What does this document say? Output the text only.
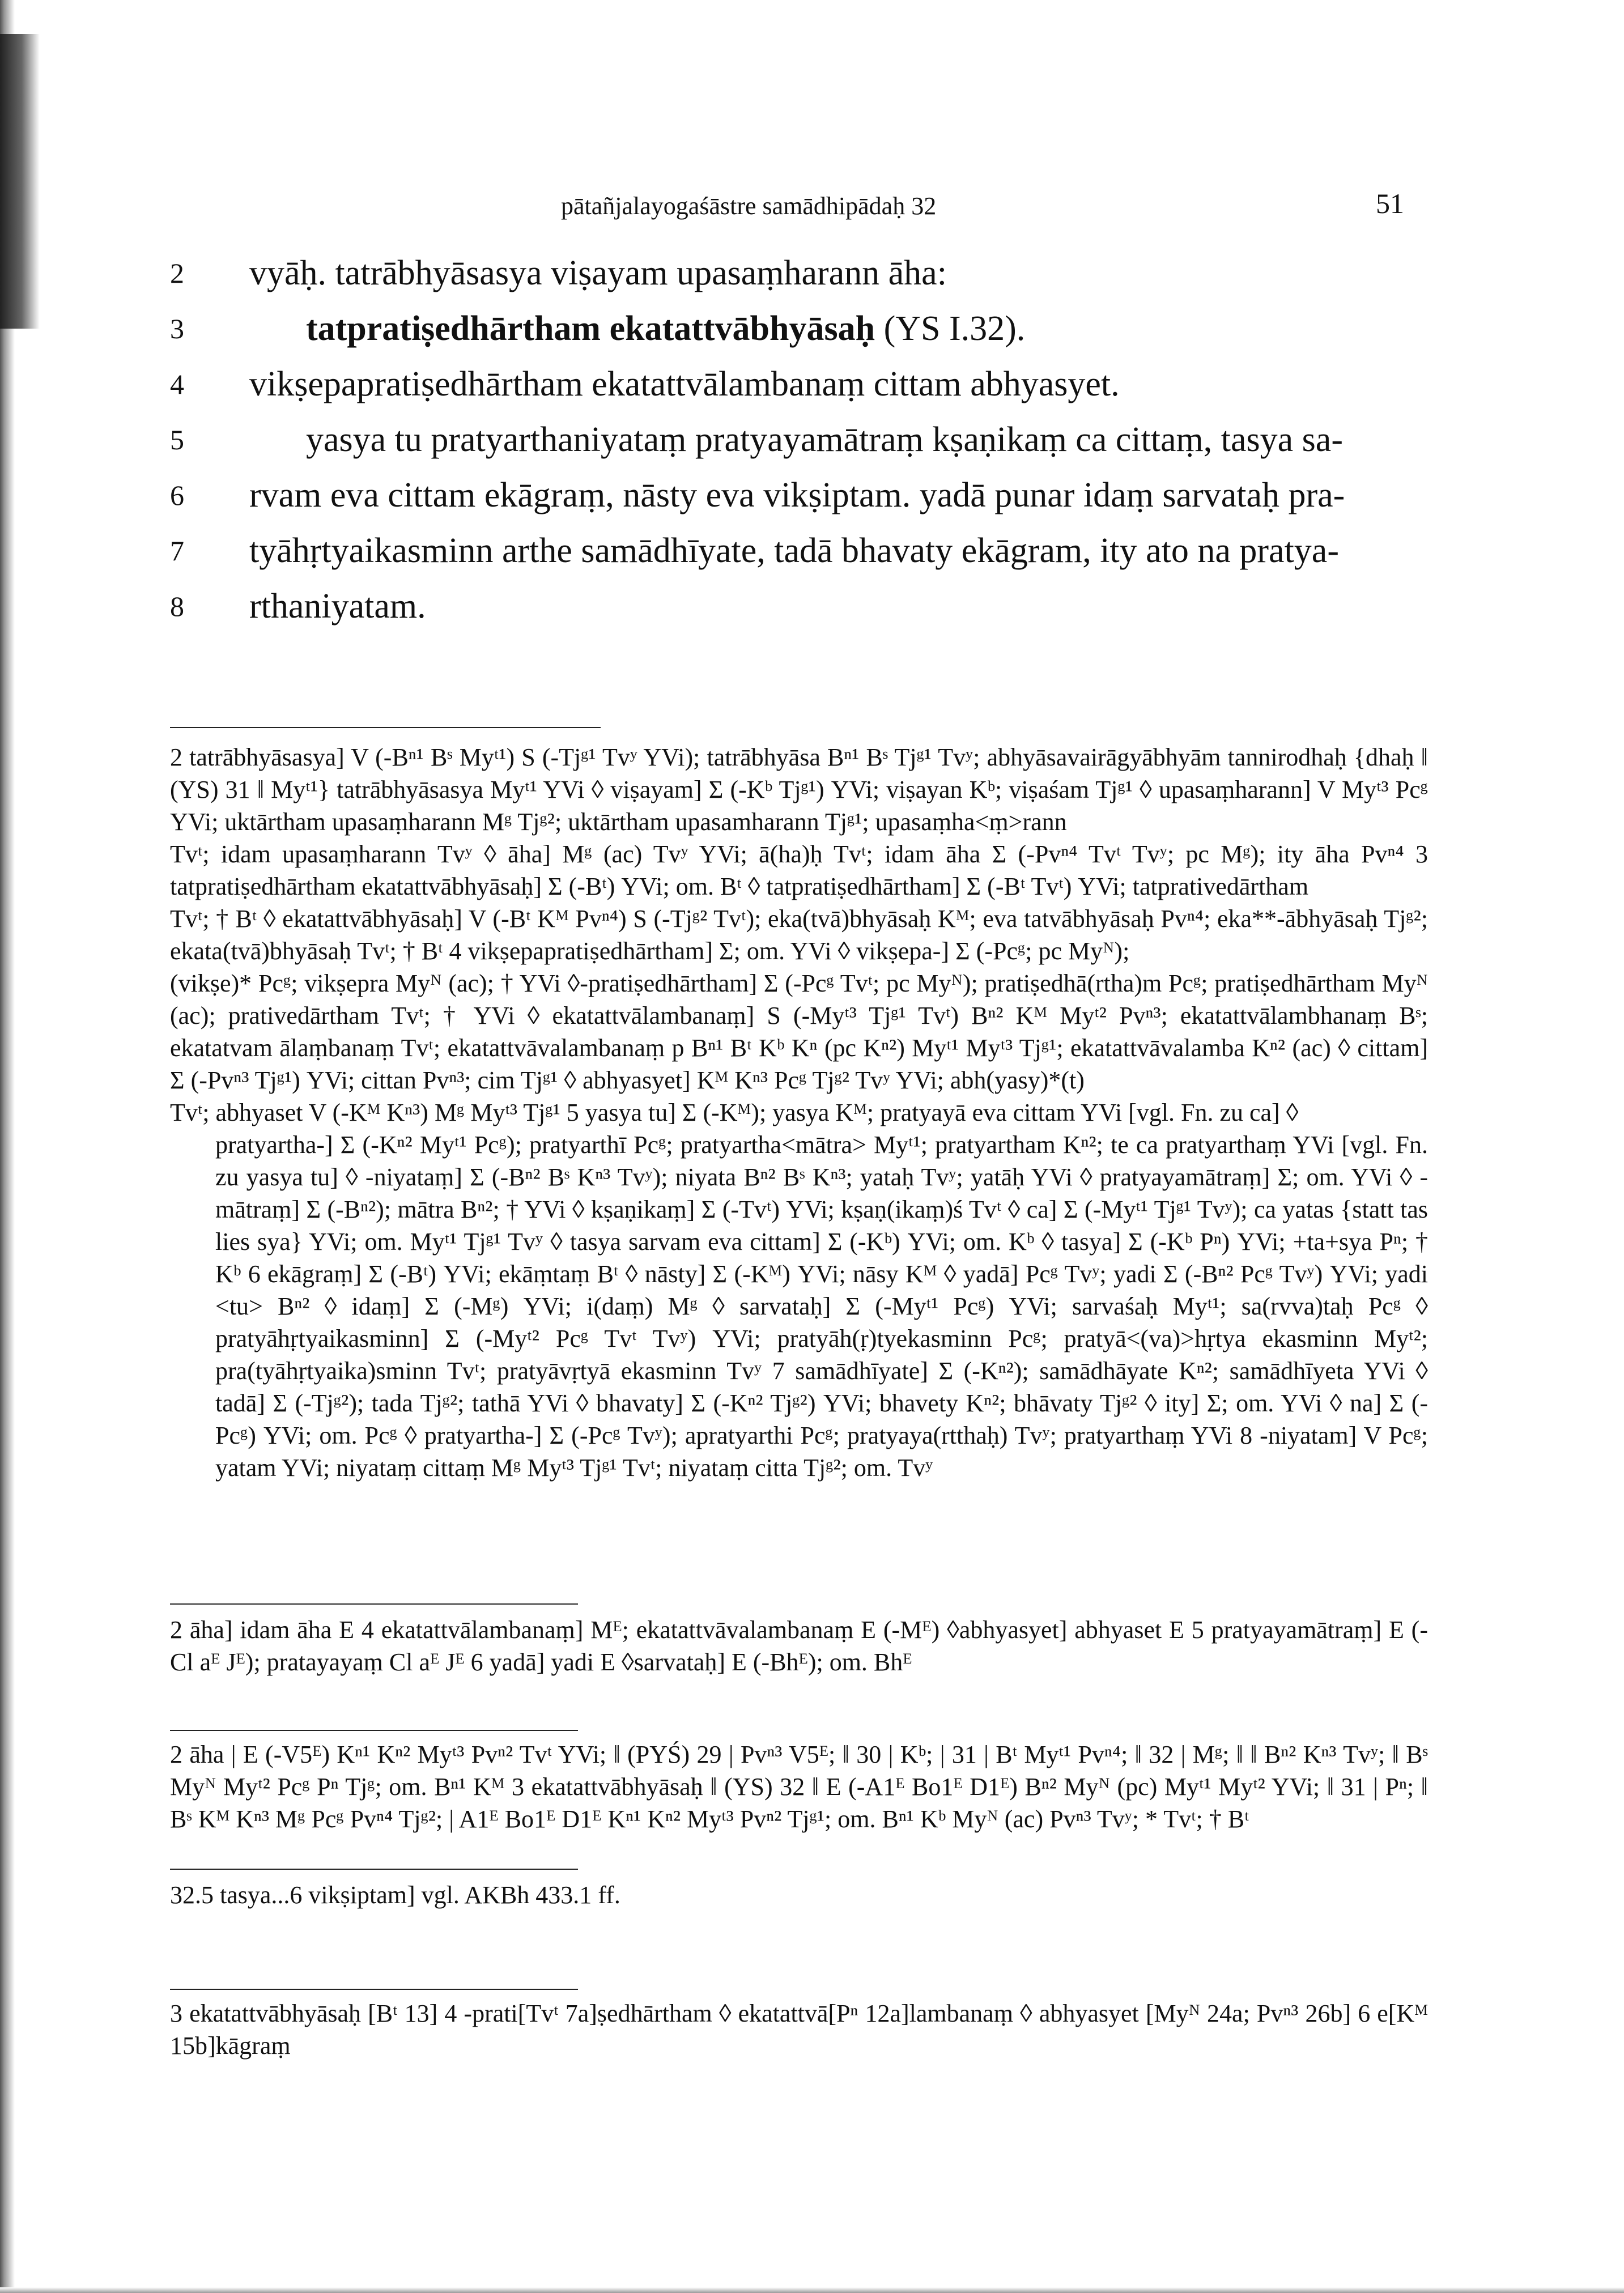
pātañjalayogaśāstre samādhipādaḥ 32	51
2 vyāḥ. tatrābhyāsasya viṣayam upasaṃharann āha:
3	tatpratiṣedhārtham ekatattvābhyāsaḥ (YS I.32).
4 vikṣepapratiṣedhārtham ekatattvālambanaṃ cittam abhyasyet.
5	yasya tu pratyarthaniyataṃ pratyayamātraṃ kṣaṇikaṃ ca cittaṃ, tasya sa-
6 rvam eva cittam ekāgraṃ, nāsty eva vikṣiptam. yadā punar idaṃ sarvataḥ pra-
7 tyāhṛtyaikasminn arthe samādhīyate, tadā bhavaty ekāgram, ity ato na pratya-
8 rthaniyatam.

2 tatrābhyāsasya] V (-Bⁿ¹ Bˢ Myᵗ¹) S (-Tjᵍ¹ Tvʸ YVi); tatrābhyāsa Bⁿ¹ Bˢ Tjᵍ¹ Tvʸ; abhyāsavairāgyābhyām tannirodhaḥ {dhaḥ ‖ (YS) 31 ‖ Myᵗ¹} tatrābhyāsasya Myᵗ¹ YVi ◊ viṣayam] Σ (-Kᵇ Tjᵍ¹) YVi; viṣayan Kᵇ; viṣaśam Tjᵍ¹ ◊ upasaṃharann] V Myᵗ³ Pcᵍ YVi; uktārtham upasaṃharann Mᵍ Tjᵍ²; uktārtham upasamharann Tjᵍ¹; upasaṃha<ṃ>rann

Tvᵗ; idam upasaṃharann Tvʸ ◊ āha] Mᵍ (ac) Tvʸ YVi; ā(ha)ḥ Tvᵗ; idam āha Σ (-Pvⁿ⁴ Tvᵗ Tvʸ; pc Mᵍ); ity āha Pvⁿ⁴ 3 tatpratiṣedhārtham ekatattvābhyāsaḥ] Σ (-Bᵗ) YVi; om. Bᵗ ◊ tatpratiṣedhārtham] Σ (-Bᵗ Tvᵗ) YVi; tatprativedārtham

Tvᵗ; † Bᵗ ◊ ekatattvābhyāsaḥ] V (-Bᵗ Kᴹ Pvⁿ⁴) S (-Tjᵍ² Tvᵗ); eka(tvā)bhyāsaḥ Kᴹ; eva tatvābhyāsaḥ Pvⁿ⁴; eka**-ābhyāsaḥ Tjᵍ²; ekata(tvā)bhyāsaḥ Tvᵗ; † Bᵗ 4 vikṣepapratiṣedhārtham] Σ; om. YVi ◊ vikṣepa-] Σ (-Pcᵍ; pc Myᴺ);

(vikṣe)* Pcᵍ; vikṣepra Myᴺ (ac); † YVi ◊-pratiṣedhārtham] Σ (-Pcᵍ Tvᵗ; pc Myᴺ); pratiṣedhā(rtha)m Pcᵍ; pratiṣedhārtham Myᴺ (ac); prativedārtham Tvᵗ; † YVi ◊ ekatattvālambanaṃ] S (-Myᵗ³ Tjᵍ¹ Tvᵗ) Bⁿ² Kᴹ Myᵗ² Pvⁿ³; ekatattvālambhanaṃ Bˢ; ekatatvam ālaṃbanaṃ Tvᵗ; ekatattvāvalambanaṃ p Bⁿ¹ Bᵗ Kᵇ Kⁿ (pc Kⁿ²) Myᵗ¹ Myᵗ³ Tjᵍ¹; ekatattvāvalamba Kⁿ² (ac) ◊ cittam] Σ (-Pvⁿ³ Tjᵍ¹) YVi; cittan Pvⁿ³; cim Tjᵍ¹ ◊ abhyasyet] Kᴹ Kⁿ³ Pcᵍ Tjᵍ² Tvʸ YVi; abh(yasy)*(t)

Tvᵗ; abhyaset V (-Kᴹ Kⁿ³) Mᵍ Myᵗ³ Tjᵍ¹ 5 yasya tu] Σ (-Kᴹ); yasya Kᴹ; pratyayā eva cittam YVi [vgl. Fn. zu ca] ◊

pratyartha-] Σ (-Kⁿ² Myᵗ¹ Pcᵍ); pratyarthī Pcᵍ; pratyartha<mātra> Myᵗ¹; pratyartham Kⁿ²; te ca pratyarthaṃ YVi [vgl. Fn. zu yasya tu] ◊ -niyataṃ] Σ (-Bⁿ² Bˢ Kⁿ³ Tvʸ); niyata Bⁿ² Bˢ Kⁿ³; yataḥ Tvʸ; yatāḥ YVi ◊ pratyayamātraṃ] Σ; om. YVi ◊ -mātraṃ] Σ (-Bⁿ²); mātra Bⁿ²; † YVi ◊ kṣaṇikaṃ] Σ (-Tvᵗ) YVi; kṣaṇ(ikaṃ)ś Tvᵗ ◊ ca] Σ (-Myᵗ¹ Tjᵍ¹ Tvʸ); ca yatas {statt tas lies sya} YVi; om. Myᵗ¹ Tjᵍ¹ Tvʸ ◊ tasya sarvam eva cittam] Σ (-Kᵇ) YVi; om. Kᵇ ◊ tasya] Σ (-Kᵇ Pⁿ) YVi; +ta+sya Pⁿ; † Kᵇ 6 ekāgraṃ] Σ (-Bᵗ) YVi; ekāṃtaṃ Bᵗ ◊ nāsty] Σ (-Kᴹ) YVi; nāsy Kᴹ ◊ yadā] Pcᵍ Tvʸ; yadi Σ (-Bⁿ² Pcᵍ Tvʸ) YVi; yadi <tu> Bⁿ² ◊ idaṃ] Σ (-Mᵍ) YVi; i(daṃ) Mᵍ ◊ sarvataḥ] Σ (-Myᵗ¹ Pcᵍ) YVi; sarvaśaḥ Myᵗ¹; sa(rvva)taḥ Pcᵍ ◊ pratyāhṛtyaikasminn] Σ (-Myᵗ² Pcᵍ Tvᵗ Tvʸ) YVi; pratyāh(ṛ)tyekasminn Pcᵍ; pratyā<(va)>hṛtya ekasminn Myᵗ²; pra(tyāhṛtyaika)sminn Tvᵗ; pratyāvṛtyā ekasminn Tvʸ 7 samādhīyate] Σ (-Kⁿ²); samādhāyate Kⁿ²; samādhīyeta YVi ◊ tadā] Σ (-Tjᵍ²); tada Tjᵍ²; tathā YVi ◊ bhavaty] Σ (-Kⁿ² Tjᵍ²) YVi; bhavety Kⁿ²; bhāvaty Tjᵍ² ◊ ity] Σ; om. YVi ◊ na] Σ (-Pcᵍ) YVi; om. Pcᵍ ◊ pratyartha-] Σ (-Pcᵍ Tvʸ); apratyarthi Pcᵍ; pratyaya(rtthaḥ) Tvʸ; pratyarthaṃ YVi 8 -niyatam] V Pcᵍ; yatam YVi; niyataṃ cittaṃ Mᵍ Myᵗ³ Tjᵍ¹ Tvᵗ; niyataṃ citta Tjᵍ²; om. Tvʸ

2 āha] idam āha E 4 ekatattvālambanaṃ] Mᴱ; ekatattvāvalambanaṃ E (-Mᴱ) ◊abhyasyet] abhyaset E 5 pratyayamātraṃ] E (-Cl aᴱ Jᴱ); pratayayaṃ Cl aᴱ Jᴱ 6 yadā] yadi E ◊sarvataḥ] E (-Bhᴱ); om. Bhᴱ
2 āha | E (-V5ᴱ) Kⁿ¹ Kⁿ² Myᵗ³ Pvⁿ² Tvᵗ YVi; ‖ (PYŚ) 29 | Pvⁿ³ V5ᴱ; ‖ 30 | Kᵇ; | 31 | Bᵗ Myᵗ¹ Pvⁿ⁴; ‖ 32 | Mᵍ; ‖ ‖ Bⁿ² Kⁿ³ Tvʸ; ‖ Bˢ Myᴺ Myᵗ² Pcᵍ Pⁿ Tjᵍ; om. Bⁿ¹ Kᴹ 3 ekatattvābhyāsaḥ ‖ (YS) 32 ‖ E (-A1ᴱ Bo1ᴱ D1ᴱ) Bⁿ² Myᴺ (pc) Myᵗ¹ Myᵗ² YVi; ‖ 31 | Pⁿ; ‖ Bˢ Kᴹ Kⁿ³ Mᵍ Pcᵍ Pvⁿ⁴ Tjᵍ²; | A1ᴱ Bo1ᴱ D1ᴱ Kⁿ¹ Kⁿ² Myᵗ³ Pvⁿ² Tjᵍ¹; om. Bⁿ¹ Kᵇ Myᴺ (ac) Pvⁿ³ Tvʸ; * Tvᵗ; † Bᵗ
32.5 tasya...6 vikṣiptam] vgl. AKBh 433.1 ff.
3 ekatattvābhyāsaḥ [Bᵗ 13] 4 -prati[Tvᵗ 7a]ṣedhārtham ◊ ekatattvā[Pⁿ 12a]lambanaṃ ◊ abhyasyet [Myᴺ 24a; Pvⁿ³ 26b] 6 e[Kᴹ 15b]kāgraṃ
